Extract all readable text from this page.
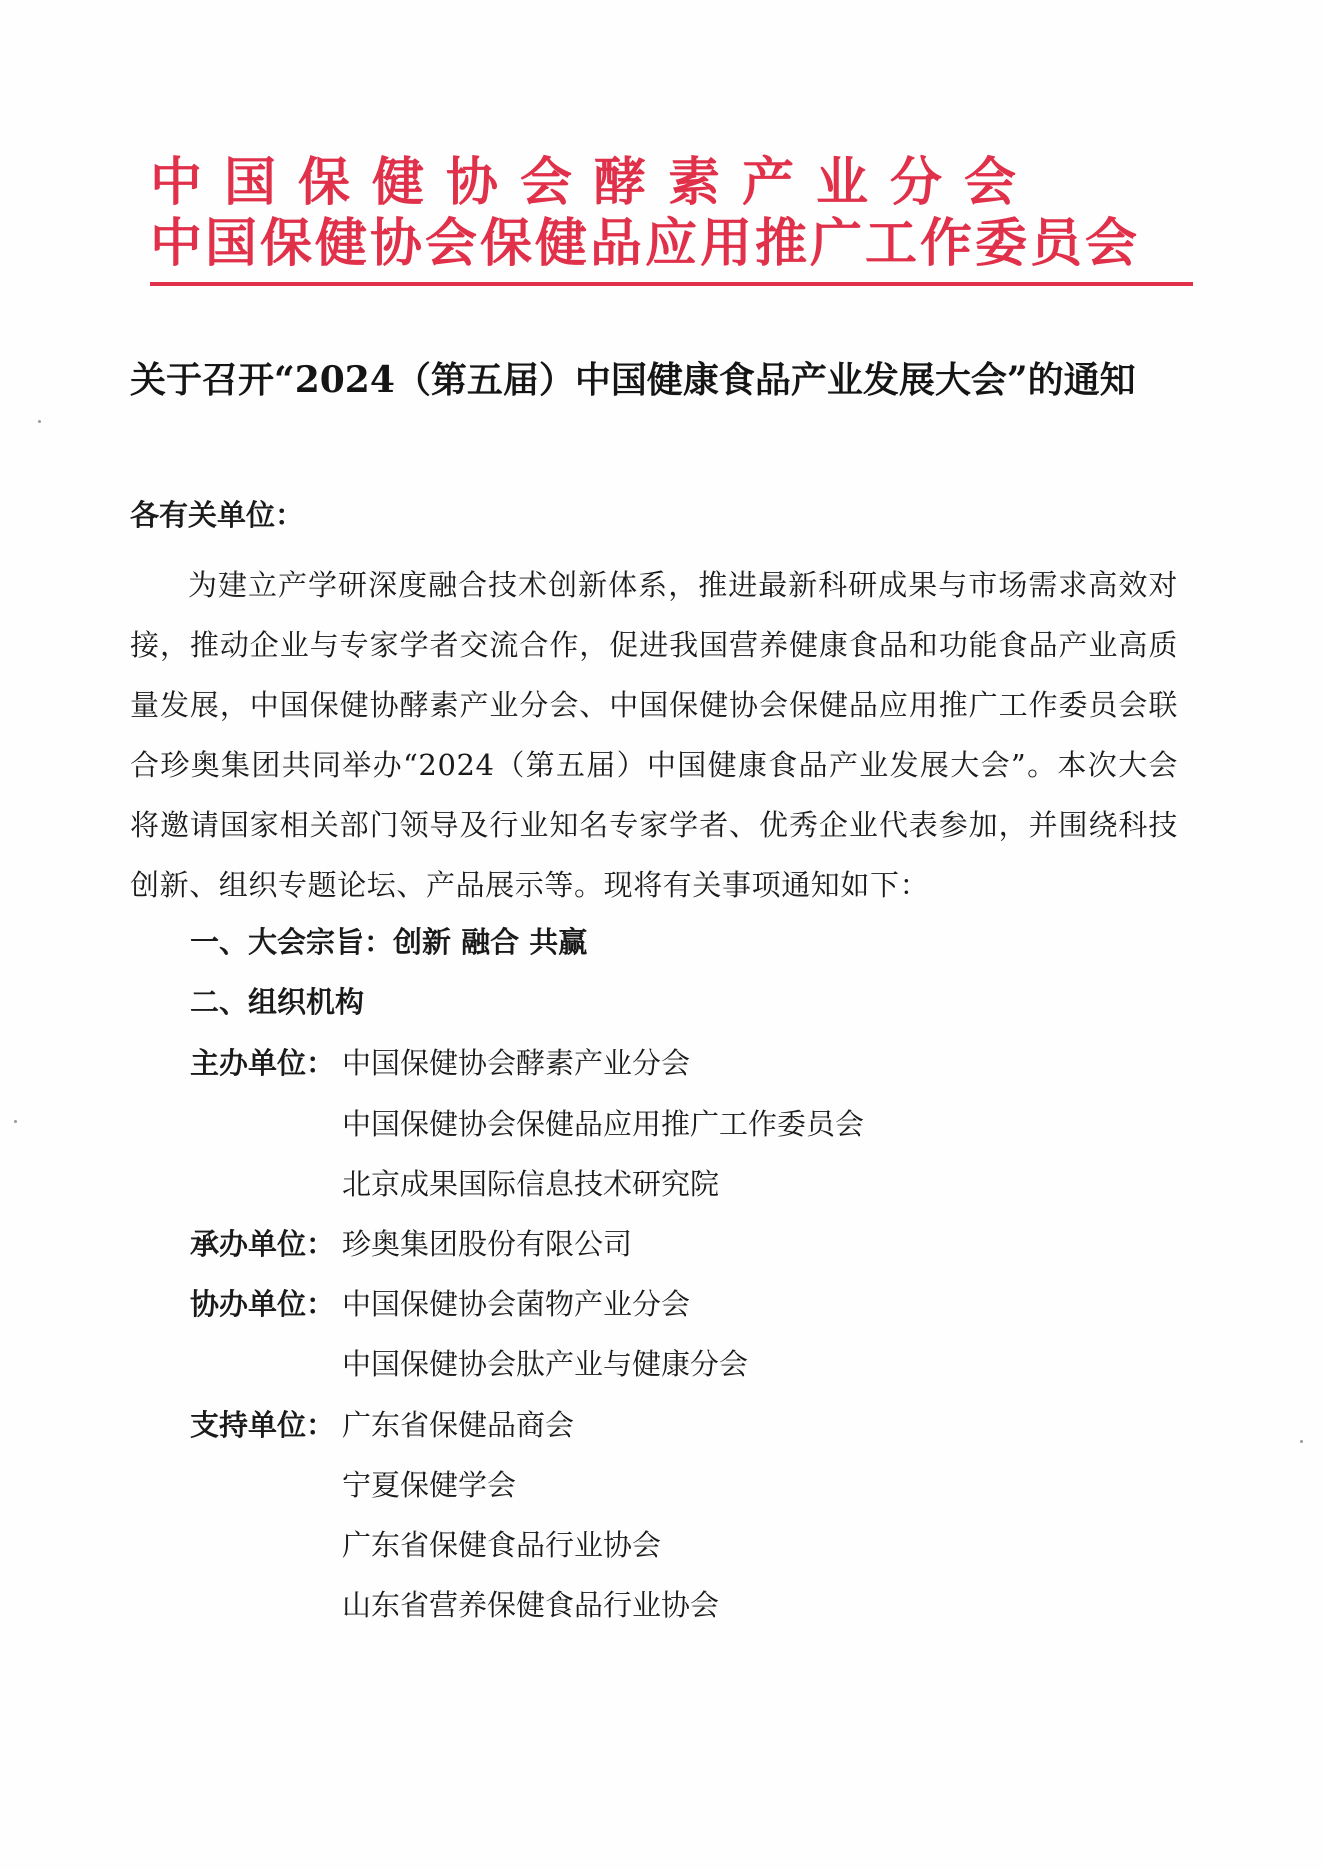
中国保健协会酵素产业分会
中国保健协会保健品应用推广工作委员会
关于召开“2024（第五届）中国健康食品产业发展大会”的通知
各有关单位：
为建立产学研深度融合技术创新体系，推进最新科研成果与市场需求高效对接，推动企业与专家学者交流合作，促进我国营养健康食品和功能食品产业高质量发展，中国保健协酵素产业分会、中国保健协会保健品应用推广工作委员会联合珍奥集团共同举办“2024（第五届）中国健康食品产业发展大会”。本次大会将邀请国家相关部门领导及行业知名专家学者、优秀企业代表参加，并围绕科技创新、组织专题论坛、产品展示等。现将有关事项通知如下：
一、大会宗旨：创新 融合 共赢
二、组织机构
主办单位： 中国保健协会酵素产业分会
中国保健协会保健品应用推广工作委员会
北京成果国际信息技术研究院
承办单位： 珍奥集团股份有限公司
协办单位： 中国保健协会菌物产业分会
中国保健协会肽产业与健康分会
支持单位： 广东省保健品商会
宁夏保健学会
广东省保健食品行业协会
山东省营养保健食品行业协会
